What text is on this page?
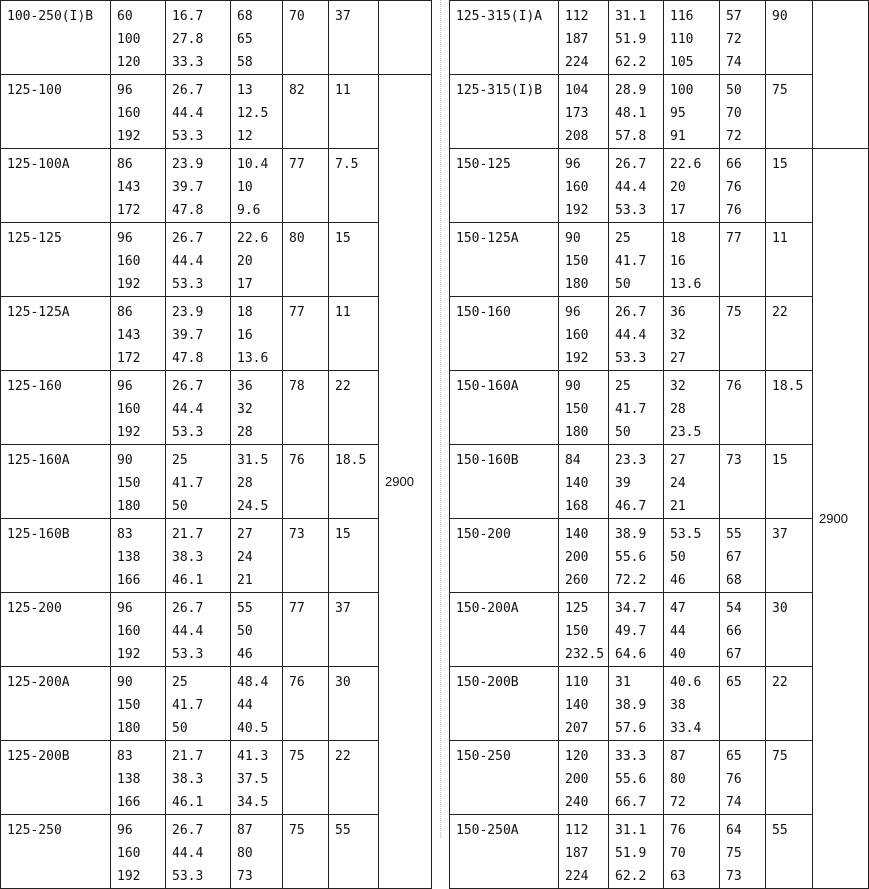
100-250(I)B	60
100
120	16.7
27.8
33.3	68
65
58	70	37	
125-100	96
160
192	26.7
44.4
53.3	13
12.5
12	82	11	2900
125-100A	86
143
172	23.9
39.7
47.8	10.4
10
9.6	77	7.5	
125-125	96
160
192	26.7
44.4
53.3	22.6
20
17	80	15	
125-125A	86
143
172	23.9
39.7
47.8	18
16
13.6	77	11	
125-160	96
160
192	26.7
44.4
53.3	36
32
28	78	22	
125-160A	90
150
180	25
41.7
50	31.5
28
24.5	76	18.5	
125-160B	83
138
166	21.7
38.3
46.1	27
24
21	73	15	
125-200	96
160
192	26.7
44.4
53.3	55
50
46	77	37	
125-200A	90
150
180	25
41.7
50	48.4
44
40.5	76	30	
125-200B	83
138
166	21.7
38.3
46.1	41.3
37.5
34.5	75	22	
125-250	96
160
192	26.7
44.4
53.3	87
80
73	75	55	
125-315(I)A	112
187
224	31.1
51.9
62.2	116
110
105	57
72
74	90	
125-315(I)B	104
173
208	28.9
48.1
57.8	100
95
91	50
70
72	75	
150-125	96
160
192	26.7
44.4
53.3	22.6
20
17	66
76
76	15	2900
150-125A	90
150
180	25
41.7
50	18
16
13.6	77	11	
150-160	96
160
192	26.7
44.4
53.3	36
32
27	75	22	
150-160A	90
150
180	25
41.7
50	32
28
23.5	76	18.5	
150-160B	84
140
168	23.3
39
46.7	27
24
21	73	15	
150-200	140
200
260	38.9
55.6
72.2	53.5
50
46	55
67
68	37	
150-200A	125
150
232.5	34.7
49.7
64.6	47
44
40	54
66
67	30	
150-200B	110
140
207	31
38.9
57.6	40.6
38
33.4	65	22	
150-250	120
200
240	33.3
55.6
66.7	87
80
72	65
76
74	75	
150-250A	112
187
224	31.1
51.9
62.2	76
70
63	64
75
73	55	
